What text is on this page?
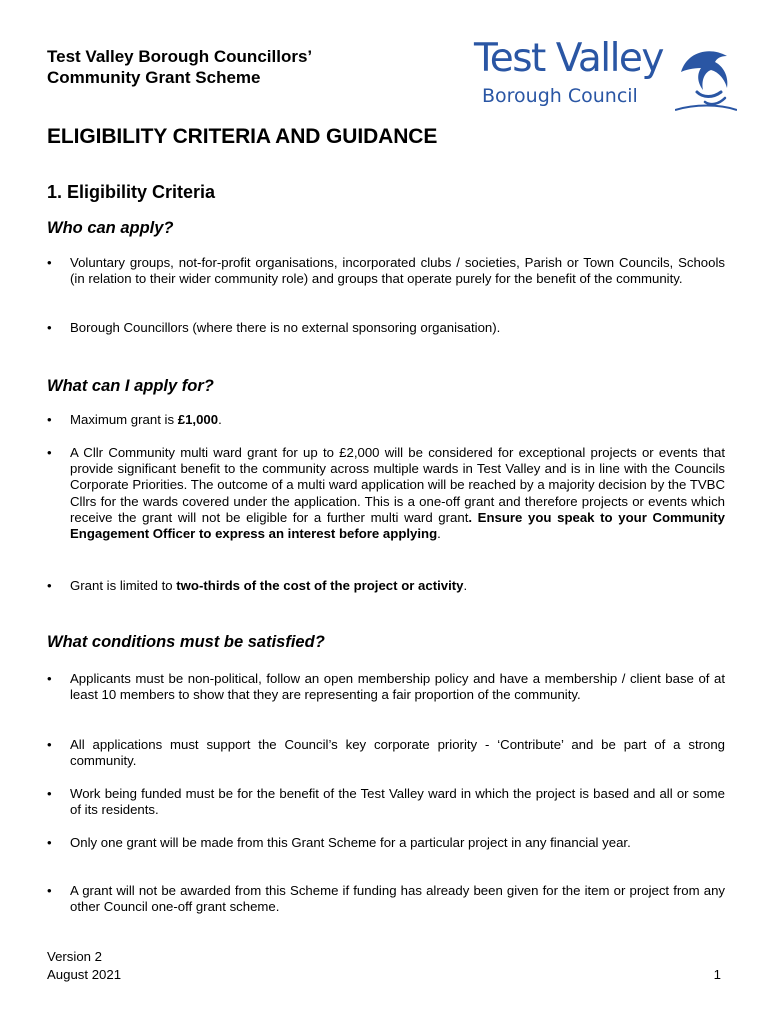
Test Valley Borough Councillors’
Community Grant Scheme	Test Valley
Borough Council
ELIGIBILITY CRITERIA AND GUIDANCE
1. Eligibility Criteria
Who can apply?
• Voluntary groups, not-for-profit organisations, incorporated clubs / societies, Parish or Town Councils, Schools (in relation to their wider community role) and groups that operate purely for the benefit of the community.
• Borough Councillors (where there is no external sponsoring organisation).
What can I apply for?
• Maximum grant is £1,000.
• A Cllr Community multi ward grant for up to £2,000 will be considered for exceptional projects or events that provide significant benefit to the community across multiple wards in Test Valley and is in line with the Councils Corporate Priorities. The outcome of a multi ward application will be reached by a majority decision by the TVBC Cllrs for the wards covered under the application. This is a one-off grant and therefore projects or events which receive the grant will not be eligible for a further multi ward grant. Ensure you speak to your Community Engagement Officer to express an interest before applying.
• Grant is limited to two-thirds of the cost of the project or activity.
What conditions must be satisfied?
• Applicants must be non-political, follow an open membership policy and have a membership / client base of at least 10 members to show that they are representing a fair proportion of the community.
• All applications must support the Council’s key corporate priority - ‘Contribute’ and be part of a strong community.
• Work being funded must be for the benefit of the Test Valley ward in which the project is based and all or some of its residents.
• Only one grant will be made from this Grant Scheme for a particular project in any financial year.
• A grant will not be awarded from this Scheme if funding has already been given for the item or project from any other Council one-off grant scheme.
Version 2
August 2021	1
